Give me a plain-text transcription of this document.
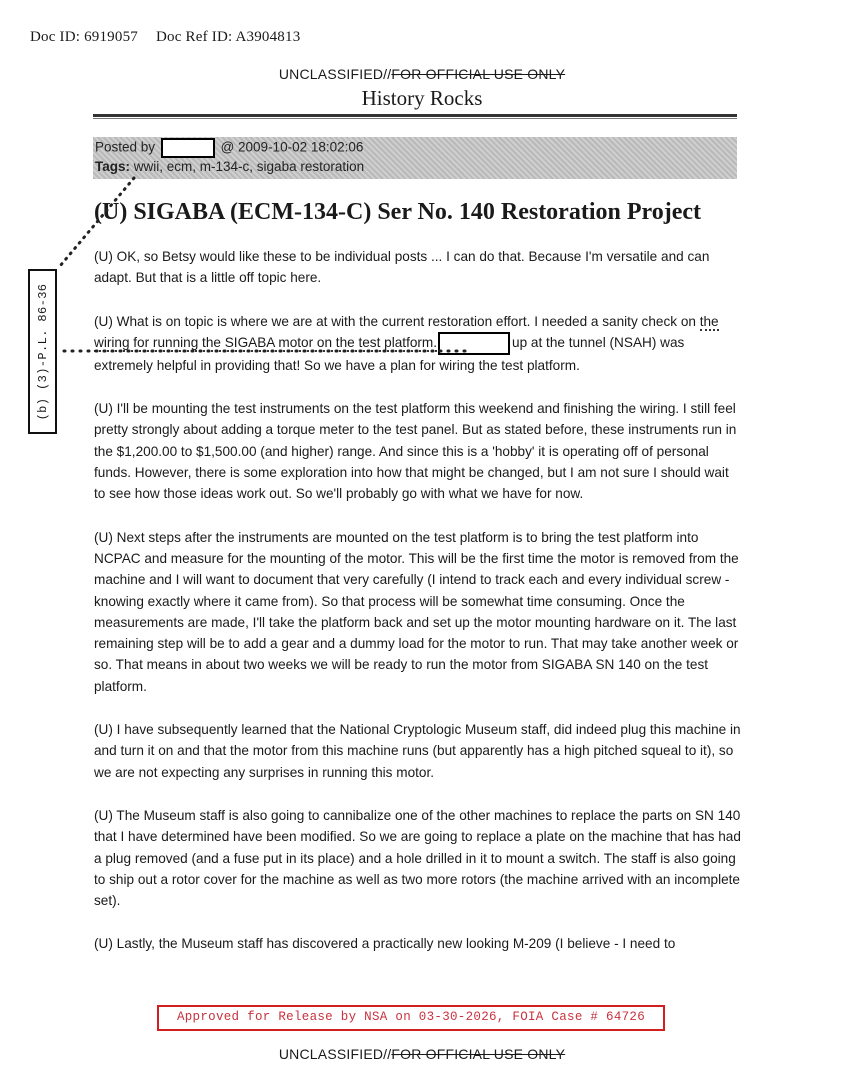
Doc ID: 6919057 Doc Ref ID: A3904813
UNCLASSIFIED//FOR OFFICIAL USE ONLY
History Rocks
Posted by	@ 2009-10-02 18:02:06
Tags: wwii, ecm, m-134-c, sigaba restoration
(U) SIGABA (ECM-134-C) Ser No. 140 Restoration Project

(U) OK, so Betsy would like these to be individual posts ... I can do that. Because I'm versatile and can adapt. But that is a little off topic here.

(U) What is on topic is where we are at with the current restoration effort. I needed a sanity check on the wiring for running the SIGABA motor on the test platform.	up at the tunnel (NSAH) was extremely helpful in providing that! So we have a plan for wiring the test platform.

(U) I'll be mounting the test instruments on the test platform this weekend and finishing the wiring. I still feel pretty strongly about adding a torque meter to the test panel. But as stated before, these instruments run in the $1,200.00 to $1,500.00 (and higher) range. And since this is a 'hobby' it is operating off of personal funds. However, there is some exploration into how that might be changed, but I am not sure I should wait to see how those ideas work out. So we'll probably go with what we have for now.

(U) Next steps after the instruments are mounted on the test platform is to bring the test platform into NCPAC and measure for the mounting of the motor. This will be the first time the motor is removed from the machine and I will want to document that very carefully (I intend to track each and every individual screw - knowing exactly where it came from). So that process will be somewhat time consuming. Once the measurements are made, I'll take the platform back and set up the motor mounting hardware on it. The last remaining step will be to add a gear and a dummy load for the motor to run. That may take another week or so. That means in about two weeks we will be ready to run the motor from SIGABA SN 140 on the test platform.

(U) I have subsequently learned that the National Cryptologic Museum staff, did indeed plug this machine in and turn it on and that the motor from this machine runs (but apparently has a high pitched squeal to it), so we are not expecting any surprises in running this motor.

(U) The Museum staff is also going to cannibalize one of the other machines to replace the parts on SN 140 that I have determined have been modified. So we are going to replace a plate on the machine that has had a plug removed (and a fuse put in its place) and a hole drilled in it to mount a switch. The staff is also going to ship out a rotor cover for the machine as well as two more rotors (the machine arrived with an incomplete set).

(U) Lastly, the Museum staff has discovered a practically new looking M-209 (I believe - I need to

(b) (3)-P.L. 86-36
Approved for Release by NSA on 03-30-2026, FOIA Case # 64726
UNCLASSIFIED//FOR OFFICIAL USE ONLY
